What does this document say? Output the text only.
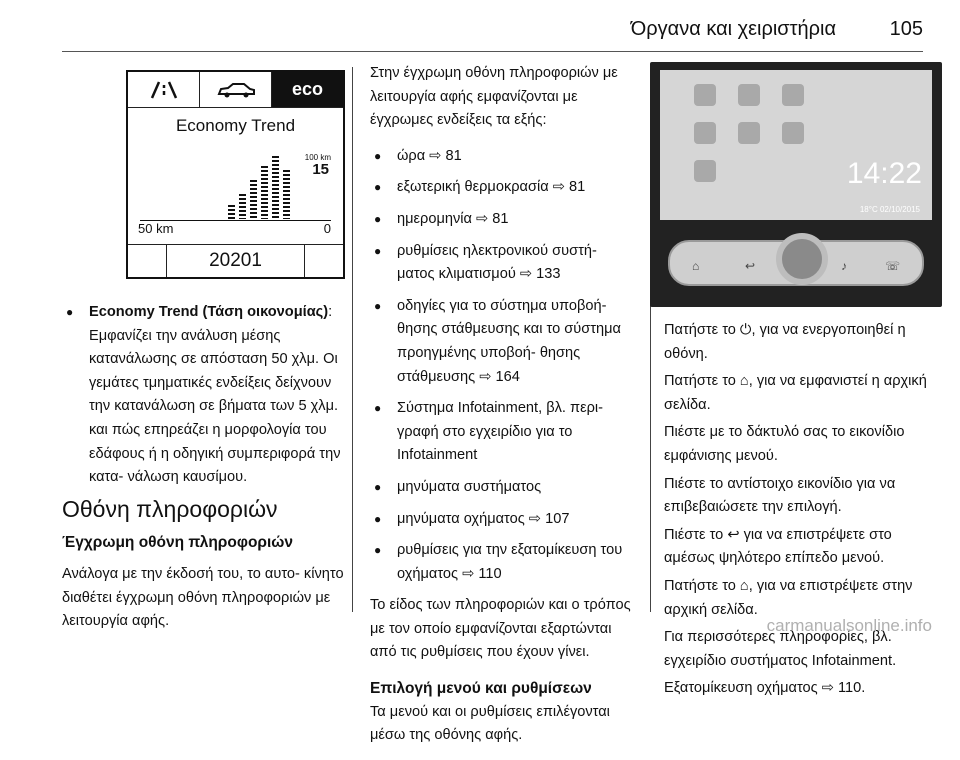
Όργανα και χειριστήρια	105
eco
Economy Trend
100 km
15
50 km	0
20201
● Economy Trend (Τάση οικονομίας): Εμφανίζει την ανάλυση μέσης κατανάλωσης σε απόσταση 50 χλμ. Οι γεμάτες τμηματικές ενδείξεις δείχνουν την κατανάλωση σε βήματα των 5 χλμ. και πώς επηρεάζει η μορφολογία του εδάφους ή η οδηγική συμπεριφορά την κατα- νάλωση καυσίμου.
Οθόνη πληροφοριών
Έγχρωμη οθόνη πληροφοριών

Ανάλογα με την έκδοσή του, το αυτο- κίνητο διαθέτει έγχρωμη οθόνη πληροφοριών με λειτουργία αφής.

Στην έγχρωμη οθόνη πληροφοριών με λειτουργία αφής εμφανίζονται με έγχρωμες ενδείξεις τα εξής:

● ώρα ⇨ 81
● εξωτερική θερμοκρασία ⇨ 81
● ημερομηνία ⇨ 81
● ρυθμίσεις ηλεκτρονικού συστή- ματος κλιματισμού ⇨ 133
● οδηγίες για το σύστημα υποβοή- θησης στάθμευσης και το σύστημα προηγμένης υποβοή- θησης στάθμευσης ⇨ 164
● Σύστημα Infotainment, βλ. περι- γραφή στο εγχειρίδιο για το Infotainment
● μηνύματα συστήματος
● μηνύματα οχήματος ⇨ 107
● ρυθμίσεις για την εξατομίκευση του οχήματος ⇨ 110

Το είδος των πληροφοριών και ο τρόπος με τον οποίο εμφανίζονται εξαρτώνται από τις ρυθμίσεις που έχουν γίνει.

Επιλογή μενού και ρυθμίσεων

Τα μενού και οι ρυθμίσεις επιλέγονται μέσω της οθόνης αφής.

14:22
18°C 02/10/2015
⌂	↩	♪	☏

Πατήστε το ⏻, για να ενεργοποιηθεί η οθόνη.

Πατήστε το ⌂, για να εμφανιστεί η αρχική σελίδα.

Πιέστε με το δάκτυλό σας το εικονίδιο εμφάνισης μενού.

Πιέστε το αντίστοιχο εικονίδιο για να επιβεβαιώσετε την επιλογή.

Πιέστε το ↩ για να επιστρέψετε στο αμέσως ψηλότερο επίπεδο μενού.

Πατήστε το ⌂, για να επιστρέψετε στην αρχική σελίδα.

Για περισσότερες πληροφορίες, βλ. εγχειρίδιο συστήματος Infotainment.

Εξατομίκευση οχήματος ⇨ 110.

carmanualsonline.info
